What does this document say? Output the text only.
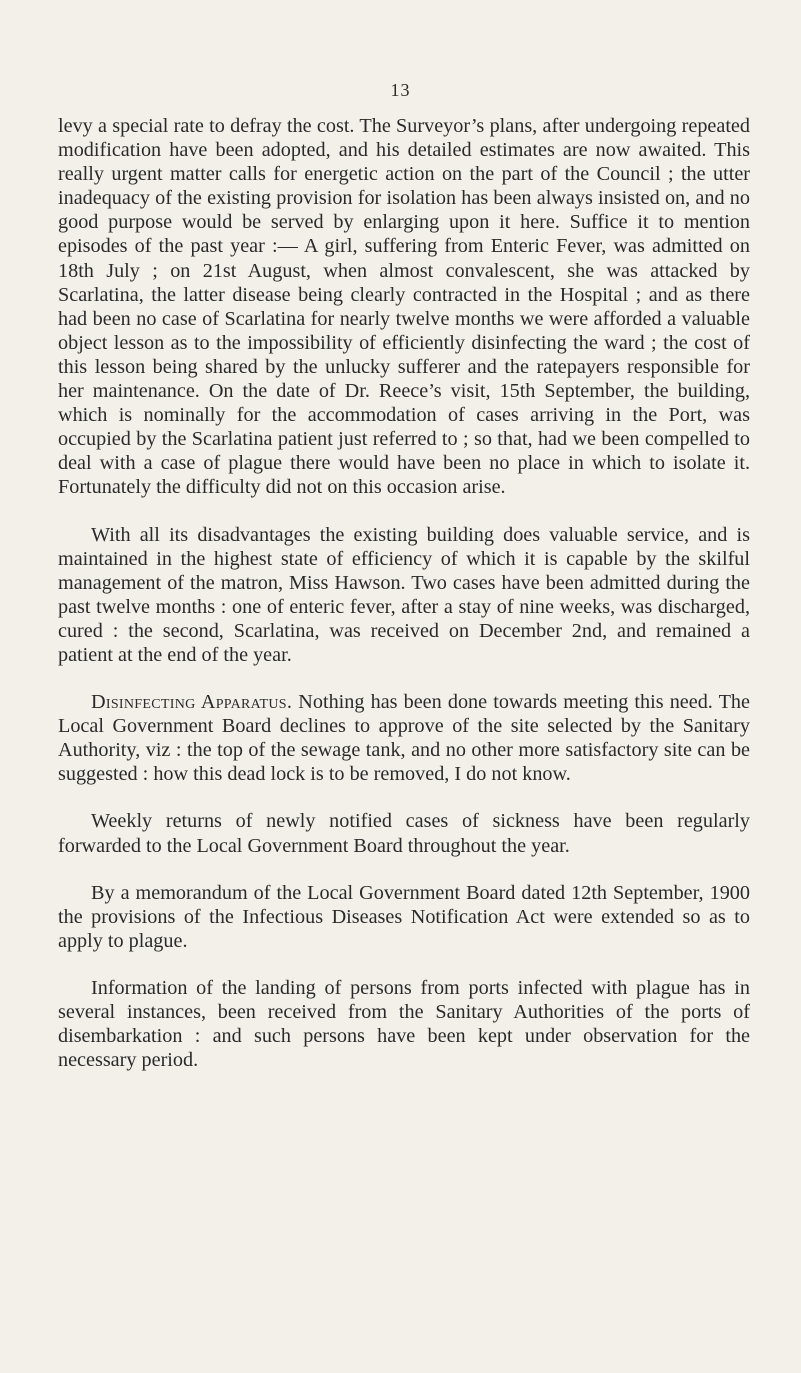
13

levy a special rate to defray the cost. The Surveyor’s plans, after undergoing repeated modification have been adopted, and his detailed estimates are now awaited. This really urgent matter calls for energetic action on the part of the Council ; the utter inadequacy of the existing provision for isolation has been always insisted on, and no good purpose would be served by enlarging upon it here. Suffice it to mention episodes of the past year :— A girl, suffering from Enteric Fever, was admitted on 18th July ; on 21st August, when almost convalescent, she was attacked by Scarlatina, the latter disease being clearly contracted in the Hospital ; and as there had been no case of Scarlatina for nearly twelve months we were afforded a valuable object lesson as to the impossibility of efficiently disinfecting the ward ; the cost of this lesson being shared by the unlucky sufferer and the ratepayers responsible for her maintenance. On the date of Dr. Reece’s visit, 15th September, the building, which is nominally for the accommodation of cases arriving in the Port, was occupied by the Scarlatina patient just referred to ; so that, had we been compelled to deal with a case of plague there would have been no place in which to isolate it. Fortunately the difficulty did not on this occasion arise.

With all its disadvantages the existing building does valuable service, and is maintained in the highest state of efficiency of which it is capable by the skilful management of the matron, Miss Hawson. Two cases have been admitted during the past twelve months : one of enteric fever, after a stay of nine weeks, was discharged, cured : the second, Scarlatina, was received on December 2nd, and remained a patient at the end of the year.

Disinfecting Apparatus. Nothing has been done towards meeting this need. The Local Government Board declines to approve of the site selected by the Sanitary Authority, viz : the top of the sewage tank, and no other more satisfactory site can be suggested : how this dead lock is to be removed, I do not know.

Weekly returns of newly notified cases of sickness have been regularly forwarded to the Local Government Board throughout the year.

By a memorandum of the Local Government Board dated 12th September, 1900 the provisions of the Infectious Diseases Notification Act were extended so as to apply to plague.

Information of the landing of persons from ports infected with plague has in several instances, been received from the Sanitary Authorities of the ports of disembarkation : and such persons have been kept under observation for the necessary period.
